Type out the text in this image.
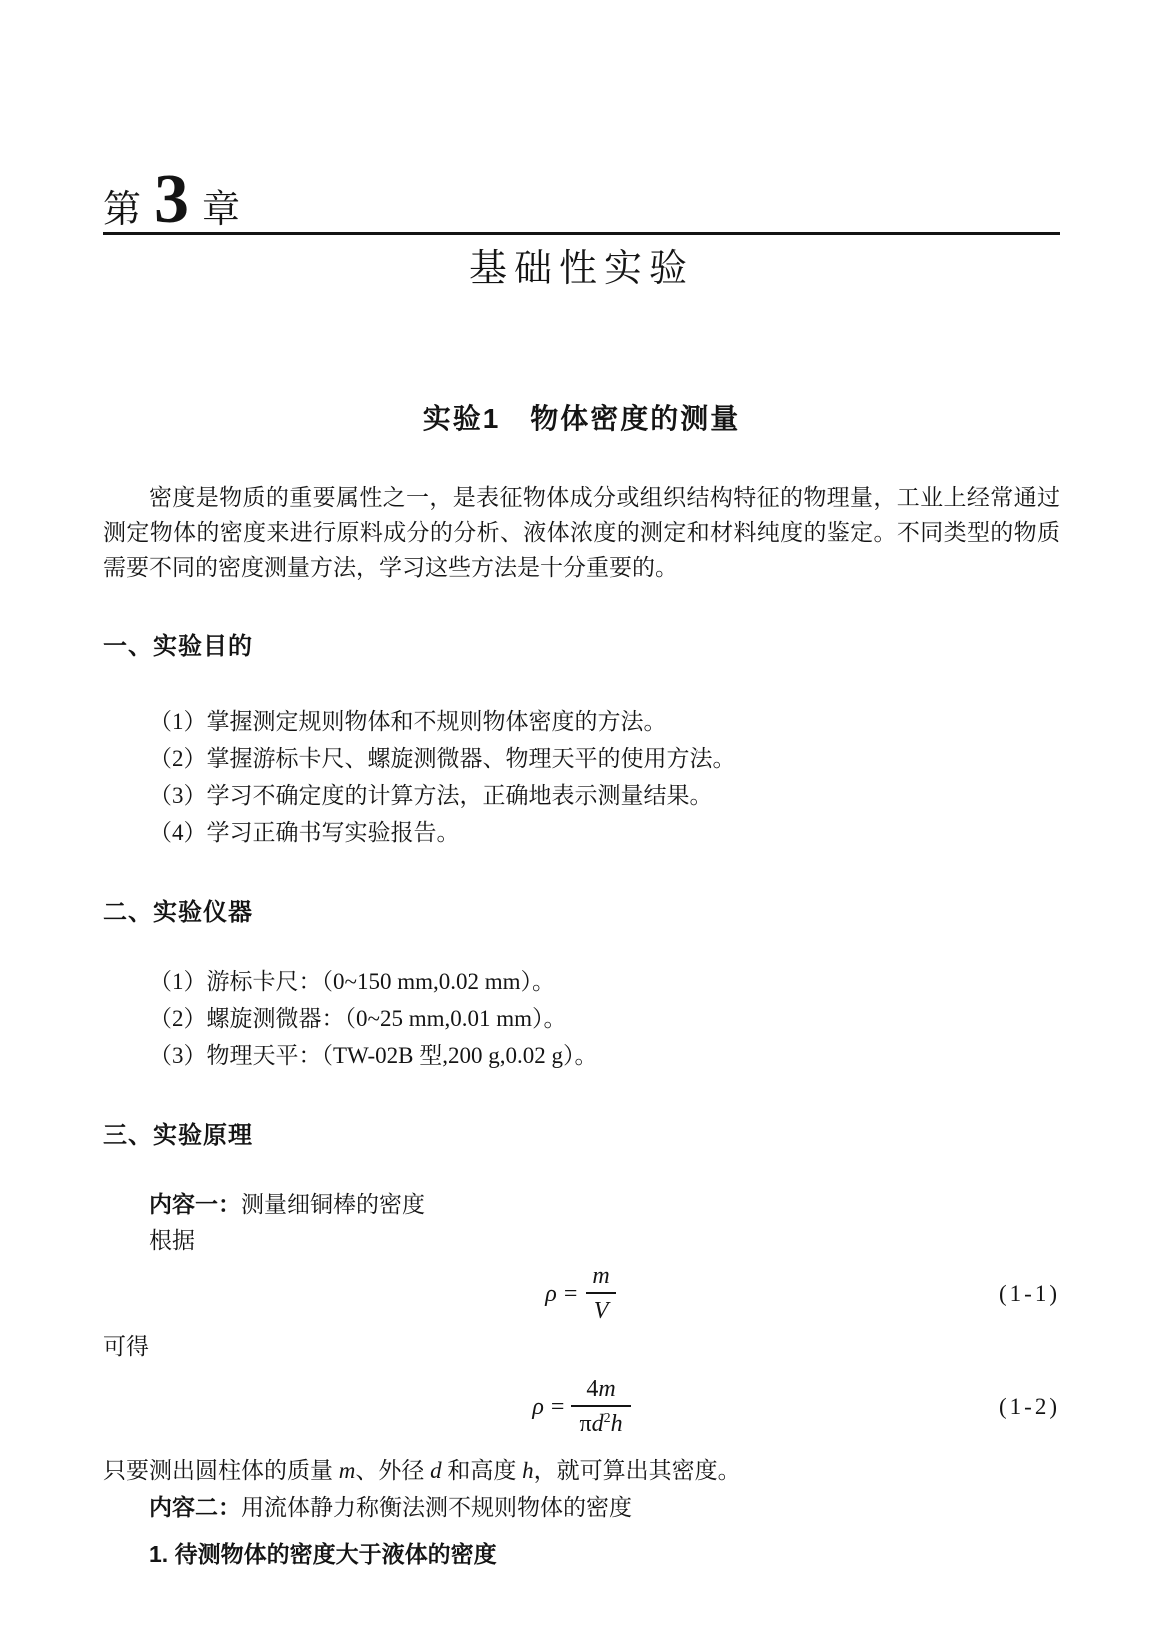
第 3 章
基础性实验
实验1　物体密度的测量

密度是物质的重要属性之一，是表征物体成分或组织结构特征的物理量，工业上经常通过测定物体的密度来进行原料成分的分析、液体浓度的测定和材料纯度的鉴定。不同类型的物质需要不同的密度测量方法，学习这些方法是十分重要的。

一、实验目的

（1）掌握测定规则物体和不规则物体密度的方法。

（2）掌握游标卡尺、螺旋测微器、物理天平的使用方法。

（3）学习不确定度的计算方法，正确地表示测量结果。

（4）学习正确书写实验报告。

二、实验仪器

（1）游标卡尺：（0~150 mm,0.02 mm）。

（2）螺旋测微器：（0~25 mm,0.01 mm）。

（3）物理天平：（TW-02B 型,200 g,0.02 g）。

三、实验原理

内容一：测量细铜棒的密度

根据

$\rho = \frac{m}{V}$	(1-1)

可得

$\rho = \frac{4m}{\pi d^2h}$	(1-2)

只要测出圆柱体的质量 m、外径 d 和高度 h，就可算出其密度。

内容二：用流体静力称衡法测不规则物体的密度

1. 待测物体的密度大于液体的密度
